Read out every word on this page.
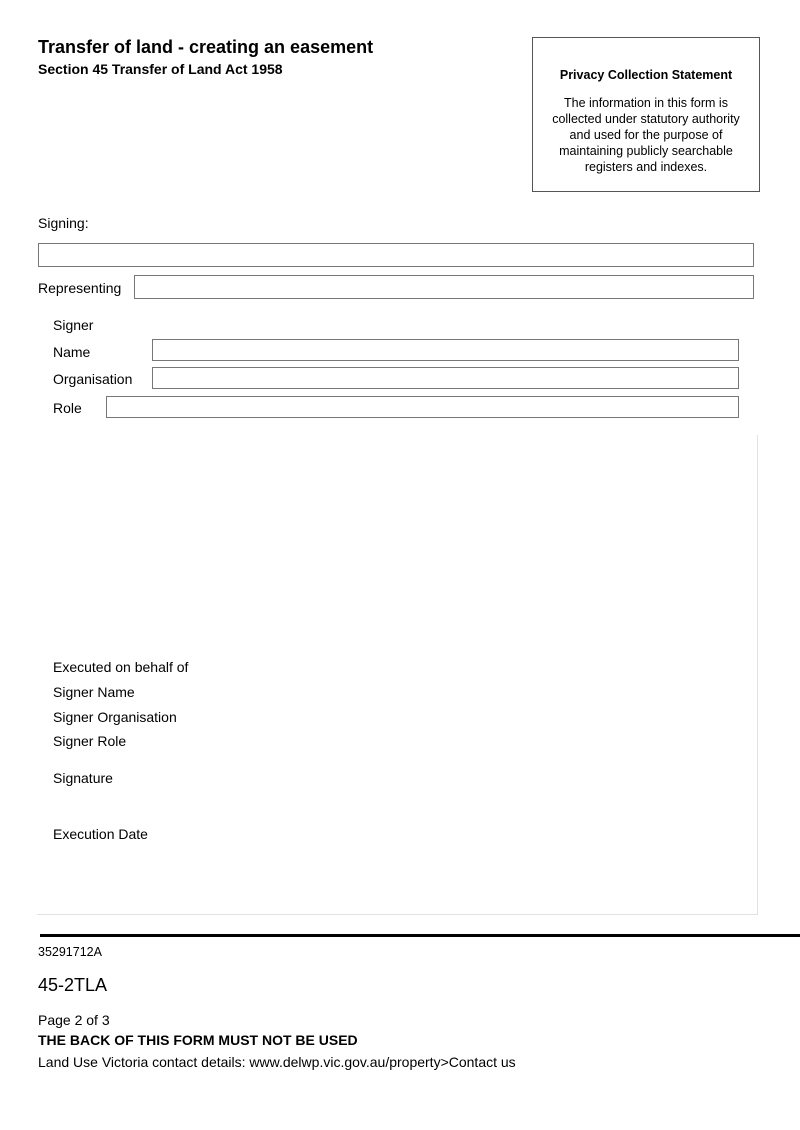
Transfer of land - creating an easement
Section 45 Transfer of Land Act 1958	Privacy Collection Statement
The information in this form is collected under statutory authority and used for the purpose of maintaining publicly searchable registers and indexes.
Signing:
Representing
Signer
Name
Organisation
Role
Executed on behalf of
Signer Name
Signer Organisation
Signer Role
Signature
Execution Date
35291712A
45-2TLA
Page 2 of 3
THE BACK OF THIS FORM MUST NOT BE USED
Land Use Victoria contact details: www.delwp.vic.gov.au/property>Contact us
